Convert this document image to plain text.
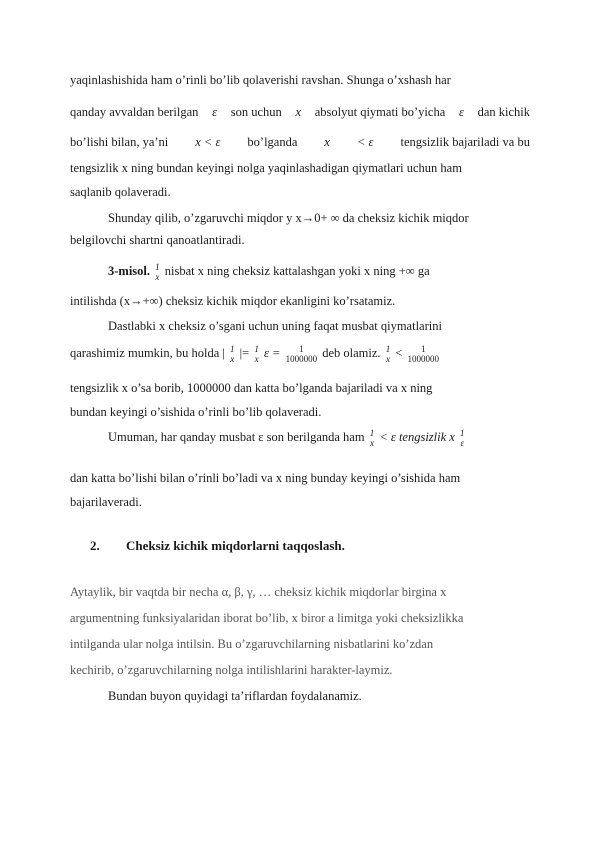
yaqinlashishida ham o’rinli bo’lib qolaverishi ravshan. Shunga o’xshash har
qanday avvaldan berilgan ε son uchun x absolyut qiymati bo’yicha ε dan kichik
bo’lishi bilan, ya’ni x < ε bo’lganda x < ε tengsizlik bajariladi va bu
tengsizlik x ning bundan keyingi nolga yaqinlashadigan qiymatlari uchun ham
saqlanib qolaveradi.
Shunday qilib, o’zgaruvchi miqdor y x→0+ ∞ da cheksiz kichik miqdor
belgilovchi shartni qanoatlantiradi.
3-misol. 1
x nisbat x ning cheksiz kattalashgan yoki x ning +∞ ga
intilishda (x→+∞) cheksiz kichik miqdor ekanligini ko’rsatamiz.
Dastlabki x cheksiz o’sgani uchun uning faqat musbat qiymatlarini
qarashimiz mumkin, bu holda | 1
x |= 1
x ε =	1
1000000 deb olamiz. 1
x <	1
1000000
tengsizlik x o’sa borib, 1000000 dan katta bo’lganda bajariladi va x ning
bundan keyingi o’sishida o’rinli bo’lib qolaveradi.
Umuman, har qanday musbat ε son berilganda ham 1
x < ε tengsizlik x 1
ε
dan katta bo’lishi bilan o’rinli bo’ladi va x ning bunday keyingi o’sishida ham
bajarilaveradi.
2. Cheksiz kichik miqdorlarni taqqoslash.
Aytaylik, bir vaqtda bir necha α, β, γ, … cheksiz kichik miqdorlar birgina x
argumentning funksiyalaridan iborat bo’lib, x biror a limitga yoki cheksizlikka
intilganda ular nolga intilsin. Bu o’zgaruvchilarning nisbatlarini ko’zdan
kechirib, o’zgaruvchilarning nolga intilishlarini harakter-laymiz.
Bundan buyon quyidagi ta’riflardan foydalanamiz.
